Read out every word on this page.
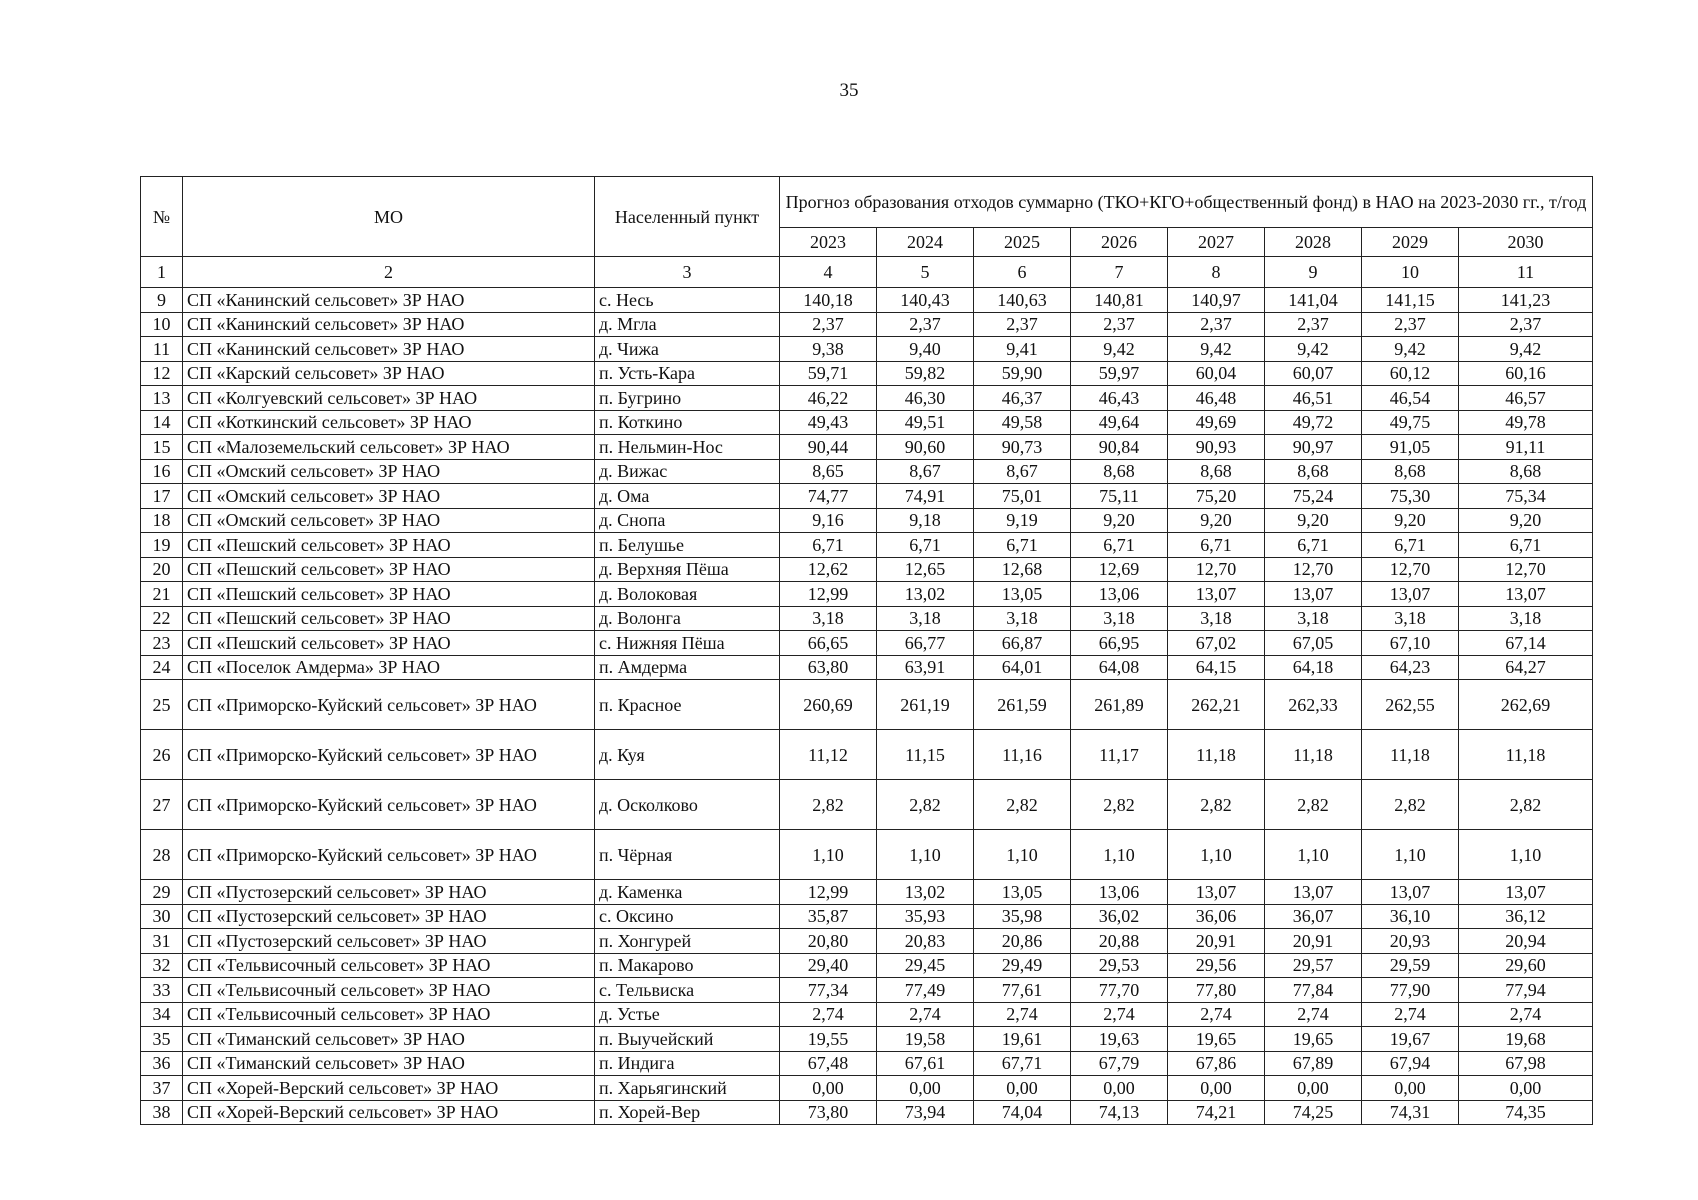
35
№	МО	Населенный пункт	Прогноз образования отходов суммарно (ТКО+КГО+общественный фонд) в НАО на 2023-2030 гг., т/год							
			2023	2024	2025	2026	2027	2028	2029	2030
1	2	3	4	5	6	7	8	9	10	11
9	СП «Канинский сельсовет» ЗР НАО	с. Несь	140,18	140,43	140,63	140,81	140,97	141,04	141,15	141,23
10	СП «Канинский сельсовет» ЗР НАО	д. Мгла	2,37	2,37	2,37	2,37	2,37	2,37	2,37	2,37
11	СП «Канинский сельсовет» ЗР НАО	д. Чижа	9,38	9,40	9,41	9,42	9,42	9,42	9,42	9,42
12	СП «Карский сельсовет» ЗР НАО	п. Усть-Кара	59,71	59,82	59,90	59,97	60,04	60,07	60,12	60,16
13	СП «Колгуевский сельсовет» ЗР НАО	п. Бугрино	46,22	46,30	46,37	46,43	46,48	46,51	46,54	46,57
14	СП «Коткинский сельсовет» ЗР НАО	п. Коткино	49,43	49,51	49,58	49,64	49,69	49,72	49,75	49,78
15	СП «Малоземельский сельсовет» ЗР НАО	п. Нельмин-Нос	90,44	90,60	90,73	90,84	90,93	90,97	91,05	91,11
16	СП «Омский сельсовет» ЗР НАО	д. Вижас	8,65	8,67	8,67	8,68	8,68	8,68	8,68	8,68
17	СП «Омский сельсовет» ЗР НАО	д. Ома	74,77	74,91	75,01	75,11	75,20	75,24	75,30	75,34
18	СП «Омский сельсовет» ЗР НАО	д. Снопа	9,16	9,18	9,19	9,20	9,20	9,20	9,20	9,20
19	СП «Пешский сельсовет» ЗР НАО	п. Белушье	6,71	6,71	6,71	6,71	6,71	6,71	6,71	6,71
20	СП «Пешский сельсовет» ЗР НАО	д. Верхняя Пёша	12,62	12,65	12,68	12,69	12,70	12,70	12,70	12,70
21	СП «Пешский сельсовет» ЗР НАО	д. Волоковая	12,99	13,02	13,05	13,06	13,07	13,07	13,07	13,07
22	СП «Пешский сельсовет» ЗР НАО	д. Волонга	3,18	3,18	3,18	3,18	3,18	3,18	3,18	3,18
23	СП «Пешский сельсовет» ЗР НАО	с. Нижняя Пёша	66,65	66,77	66,87	66,95	67,02	67,05	67,10	67,14
24	СП «Поселок Амдерма» ЗР НАО	п. Амдерма	63,80	63,91	64,01	64,08	64,15	64,18	64,23	64,27
25	СП «Приморско-Куйский сельсовет» ЗР НАО	п. Красное	260,69	261,19	261,59	261,89	262,21	262,33	262,55	262,69
26	СП «Приморско-Куйский сельсовет» ЗР НАО	д. Куя	11,12	11,15	11,16	11,17	11,18	11,18	11,18	11,18
27	СП «Приморско-Куйский сельсовет» ЗР НАО	д. Осколково	2,82	2,82	2,82	2,82	2,82	2,82	2,82	2,82
28	СП «Приморско-Куйский сельсовет» ЗР НАО	п. Чёрная	1,10	1,10	1,10	1,10	1,10	1,10	1,10	1,10
29	СП «Пустозерский сельсовет» ЗР НАО	д. Каменка	12,99	13,02	13,05	13,06	13,07	13,07	13,07	13,07
30	СП «Пустозерский сельсовет» ЗР НАО	с. Оксино	35,87	35,93	35,98	36,02	36,06	36,07	36,10	36,12
31	СП «Пустозерский сельсовет» ЗР НАО	п. Хонгурей	20,80	20,83	20,86	20,88	20,91	20,91	20,93	20,94
32	СП «Тельвисочный сельсовет» ЗР НАО	п. Макарово	29,40	29,45	29,49	29,53	29,56	29,57	29,59	29,60
33	СП «Тельвисочный сельсовет» ЗР НАО	с. Тельвиска	77,34	77,49	77,61	77,70	77,80	77,84	77,90	77,94
34	СП «Тельвисочный сельсовет» ЗР НАО	д. Устье	2,74	2,74	2,74	2,74	2,74	2,74	2,74	2,74
35	СП «Тиманский сельсовет» ЗР НАО	п. Выучейский	19,55	19,58	19,61	19,63	19,65	19,65	19,67	19,68
36	СП «Тиманский сельсовет» ЗР НАО	п. Индига	67,48	67,61	67,71	67,79	67,86	67,89	67,94	67,98
37	СП «Хорей-Верский сельсовет» ЗР НАО	п. Харьягинский	0,00	0,00	0,00	0,00	0,00	0,00	0,00	0,00
38	СП «Хорей-Верский сельсовет» ЗР НАО	п. Хорей-Вер	73,80	73,94	74,04	74,13	74,21	74,25	74,31	74,35
